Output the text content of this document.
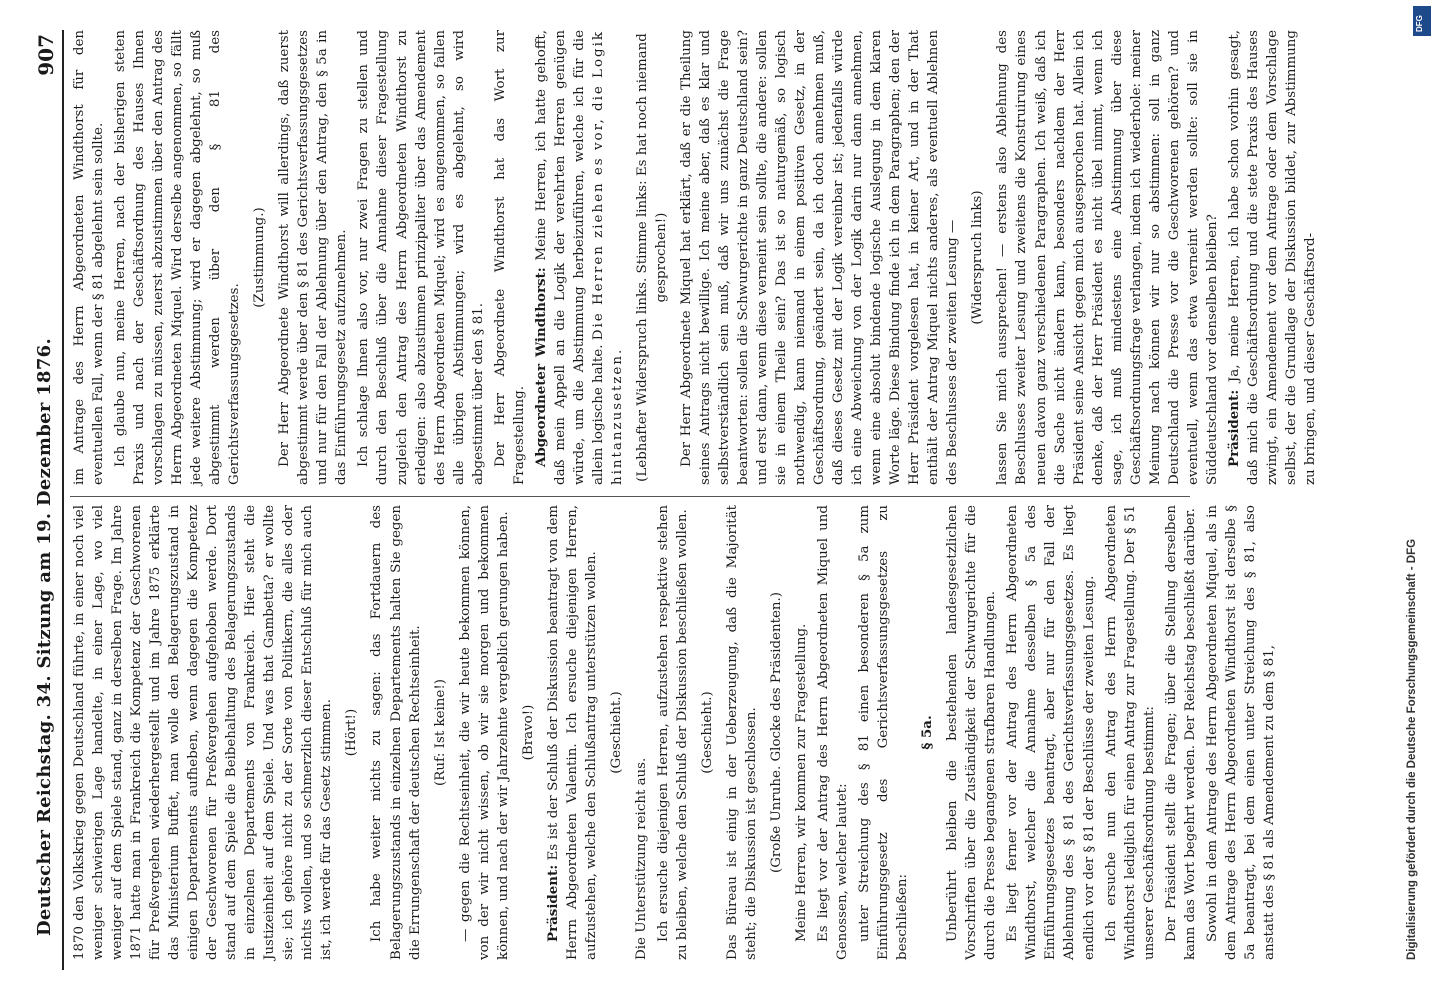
Deutscher Reichstag. 34. Sitzung am 19. Dezember 1876.
907

1870 den Volkskrieg gegen Deutschland führte, in einer noch viel weniger schwierigen Lage handelte, in einer Lage, wo viel weniger auf dem Spiele stand, ganz in derselben Frage. Im Jahre 1871 hatte man in Frankreich die Kompetenz der Geschworenen für Preßvergehen wiederhergestellt und im Jahre 1875 erklärte das Ministerium Buffet, man wolle den Belagerungszustand in einigen Departements aufheben, wenn dagegen die Kompetenz der Geschworenen für Preßvergehen aufgehoben werde. Dort stand auf dem Spiele die Beibehaltung des Belagerungszustands in einzelnen Departements von Frankreich. Hier steht die Justizeinheit auf dem Spiele. Und was that Gambetta? er wollte sie; ich gehöre nicht zu der Sorte von Politikern, die alles oder nichts wollen, und so schmerzlich dieser Entschluß für mich auch ist, ich werde für das Gesetz stimmen. (Hört!) Ich habe weiter nichts zu sagen: das Fortdauern des Belagerungszustands in einzelnen Departements halten Sie gegen die Errungenschaft der deutschen Rechtseinheit. (Ruf: Ist keine!) — gegen die Rechtseinheit, die wir heute bekommen können, von der wir nicht wissen, ob wir sie morgen und bekommen können, und nach der wir Jahrzehnte vergeblich gerungen haben. (Bravo!)

Präsident: Es ist der Schluß der Diskussion beantragt von dem Herrn Abgeordneten Valentin. Ich ersuche diejenigen Herren, aufzustehen, welche den Schlußantrag unterstützen wollen. (Geschieht.)

Die Unterstützung reicht aus. Ich ersuche diejenigen Herren, aufzustehen respektive stehen zu bleiben, welche den Schluß der Diskussion beschließen wollen. (Geschieht.) Das Büreau ist einig in der Ueberzeugung, daß die Majorität steht; die Diskussion ist geschlossen. (Große Unruhe. Glocke des Präsidenten.) Meine Herren, wir kommen zur Fragestellung. Es liegt vor der Antrag des Herrn Abgeordneten Miquel und Genossen, welcher lautet: unter Streichung des § 81 einen besonderen § 5a zum Einführungsgesetz des Gerichtsverfassungsgesetzes zu beschließen:

§ 5a. Unberührt bleiben die bestehenden landesgesetzlichen Vorschriften über die Zuständigkeit der Schwurgerichte für die durch die Presse begangenen strafbaren Handlungen. Es liegt ferner vor der Antrag des Herrn Abgeordneten Windthorst, welcher die Annahme desselben § 5a des Einführungsgesetzes beantragt, aber nur für den Fall der Ablehnung des § 81 des Gerichtsverfassungsgesetzes. Es liegt endlich vor der § 81 der Beschlüsse der zweiten Lesung. Ich ersuche nun den Antrag des Herrn Abgeordneten Windthorst lediglich für einen Antrag zur Fragestellung. Der § 51 unserer Geschäftsordnung bestimmt: Der Präsident stellt die Fragen; über die Stellung derselben kann das Wort begehrt werden. Der Reichstag beschließt darüber. Sowohl in dem Antrage des Herrn Abgeordneten Miquel, als in dem Antrage des Herrn Abgeordneten Windthorst ist derselbe § 5a beantragt, bei dem einen unter Streichung des § 81, also anstatt des § 81 als Amendement zu dem § 81,

im Antrage des Herrn Abgeordneten Windthorst für den eventuellen Fall, wenn der § 81 abgelehnt sein sollte. Ich glaube nun, meine Herren, nach der bisherigen steten Praxis und nach der Geschäftsordnung des Hauses Ihnen vorschlagen zu müssen, zuerst abzustimmen über den Antrag des Herrn Abgeordneten Miquel. Wird derselbe angenommen, so fällt jede weitere Abstimmung; wird er dagegen abgelehnt, so muß abgestimmt werden über den § 81 des Gerichtsverfassungsgesetzes.

(Zustimmung.) Der Herr Abgeordnete Windthorst will allerdings, daß zuerst abgestimmt werde über den § 81 des Gerichtsverfassungsgesetzes und nur für den Fall der Ablehnung über den Antrag, den § 5a in das Einführungsgesetz aufzunehmen. Ich schlage Ihnen also vor, nur zwei Fragen zu stellen und durch den Beschluß über die Annahme dieser Fragestellung zugleich den Antrag des Herrn Abgeordneten Windthorst zu erledigen: also abzustimmen prinzipaliter über das Amendement des Herrn Abgeordneten Miquel; wird es angenommen, so fallen alle übrigen Abstimmungen; wird es abgelehnt, so wird abgestimmt über den § 81. Der Herr Abgeordnete Windthorst hat das Wort zur Fragestellung. Abgeordneter Windthorst: Meine Herren, ich hatte gehofft, daß mein Appell an die Logik der verehrten Herren genügen würde, um die Abstimmung herbeizuführen, welche ich für die allein logische halte. Die Herren ziehen es vor, die Logik hintanzusetzen. (Lebhafter Widerspruch links. Stimme links: Es hat noch niemand gesprochen!) Der Herr Abgeordnete Miquel hat erklärt, daß er die Theilung seines Antrags nicht bewillige. Ich meine aber, daß es klar und selbstverständlich sein muß, daß wir uns zunächst die Frage beantworten: sollen die Schwurgerichte in ganz Deutschland sein? und erst dann, wenn diese verneint sein sollte, die andere: sollen sie in einem Theile sein? Das ist so naturgemäß, so logisch nothwendig, kann niemand in einem positiven Gesetz, in der Geschäftsordnung, geändert sein, da ich doch annehmen muß, daß dieses Gesetz mit der Logik vereinbar ist; jedenfalls würde ich eine Abweichung von der Logik darin nur dann annehmen, wenn eine absolut bindende logische Auslegung in dem klaren Worte läge. Diese Bindung finde ich in dem Paragraphen; den der Herr Präsident vorgelesen hat, in keiner Art, und in der That enthält der Antrag Miquel nichts anderes, als eventuell Ablehnen des Beschlusses der zweiten Lesung — (Widerspruch links) lassen Sie mich aussprechen! — erstens also Ablehnung des Beschlusses zweiter Lesung und zweitens die Konstruirung eines neuen davon ganz verschiedenen Paragraphen. Ich weiß, daß ich die Sache nicht ändern kann, besonders nachdem der Herr Präsident seine Ansicht gegen mich ausgesprochen hat. Allein ich denke, daß der Herr Präsident es nicht übel nimmt, wenn ich sage, ich muß mindestens eine Abstimmung über diese Geschäftsordnungsfrage verlangen, indem ich wiederhole: meiner Meinung nach können wir nur so abstimmen: soll in ganz Deutschland die Presse vor die Geschworenen gehören? und eventuell, wenn das etwa verneint werden sollte: soll sie in Süddeutschland vor denselben bleiben? Präsident: Ja, meine Herren, ich habe schon vorhin gesagt, daß mich die Geschäftsordnung und die stete Praxis des Hauses zwingt, ein Amendement vor dem Antrage oder dem Vorschlage selbst, der die Grundlage der Diskussion bildet, zur Abstimmung zu bringen, und dieser Geschäftsord-

DFG
Digitalisierung gefördert durch die Deutsche Forschungsgemeinschaft - DFG
